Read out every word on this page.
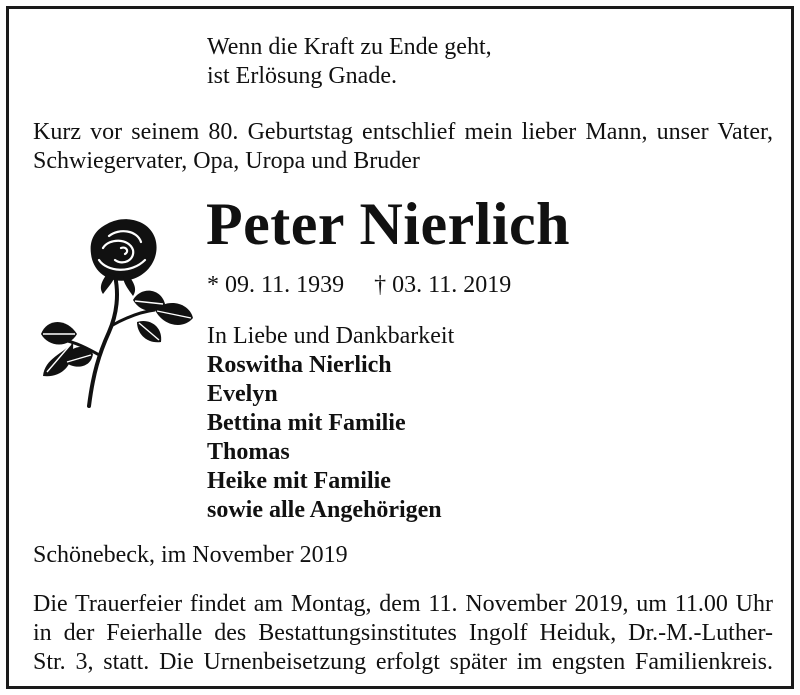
Wenn die Kraft zu Ende geht,
ist Erlösung Gnade.
Kurz vor seinem 80. Geburtstag entschlief mein lieber Mann, unser Vater,
Schwiegervater, Opa, Uropa und Bruder
Peter Nierlich
* 09. 11. 1939 † 03. 11. 2019
In Liebe und Dankbarkeit
Roswitha Nierlich
Evelyn
Bettina mit Familie
Thomas
Heike mit Familie
sowie alle Angehörigen
Schönebeck, im November 2019
Die Trauerfeier findet am Montag, dem 11. November 2019, um 11.00 Uhr
in der Feierhalle des Bestattungsinstitutes Ingolf Heiduk, Dr.-M.-Luther-
Str. 3, statt. Die Urnenbeisetzung erfolgt später im engsten Familienkreis.
